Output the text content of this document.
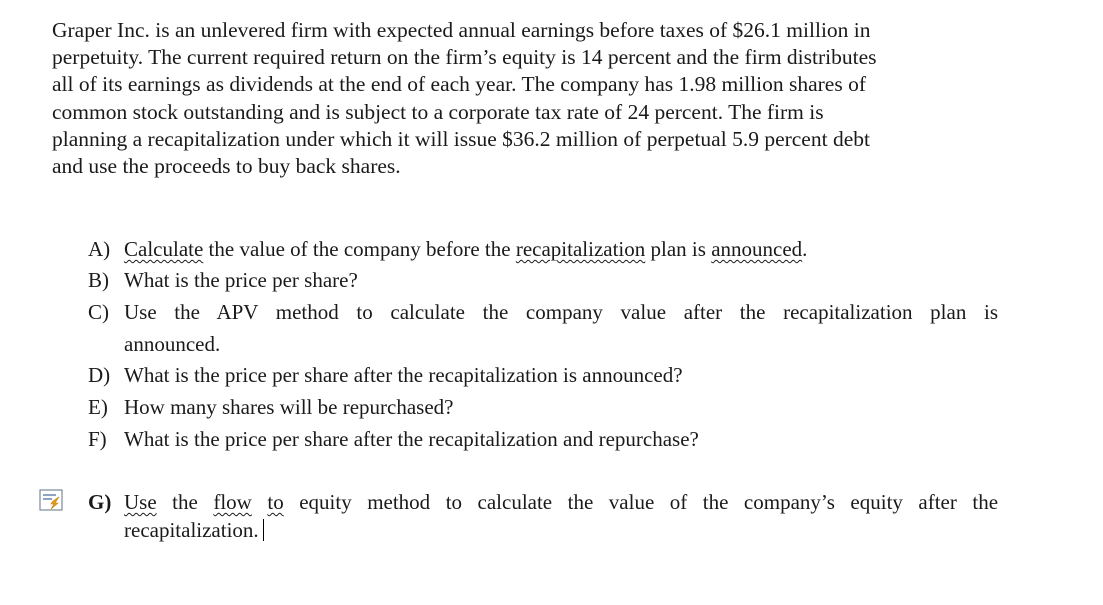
Graper Inc. is an unlevered firm with expected annual earnings before taxes of $26.1 million in
perpetuity. The current required return on the firm’s equity is 14 percent and the firm distributes
all of its earnings as dividends at the end of each year. The company has 1.98 million shares of
common stock outstanding and is subject to a corporate tax rate of 24 percent. The firm is
planning a recapitalization under which it will issue $36.2 million of perpetual 5.9 percent debt
and use the proceeds to buy back shares.
A) Calculate the value of the company before the recapitalization plan is announced.
B) What is the price per share?
C) Use the APV method to calculate the company value after the recapitalization plan is
announced.
D) What is the price per share after the recapitalization is announced?
E) How many shares will be repurchased?
F) What is the price per share after the recapitalization and repurchase?
G) Use the flow to equity method to calculate the value of the company’s equity after the
recapitalization.
